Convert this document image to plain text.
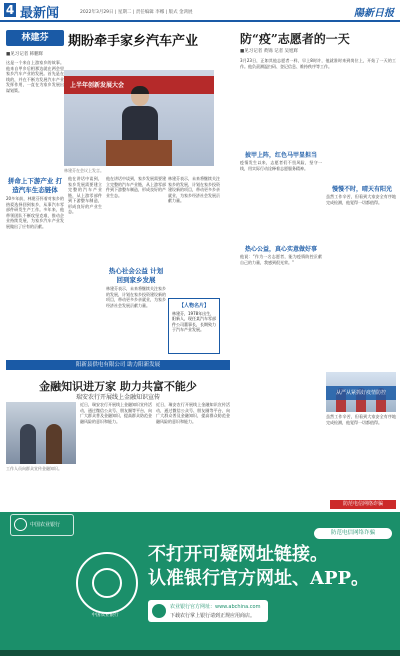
4 最新闻	2022年3月29日 | 星期二 | 责任编辑 李娜 | 版式 金鸿展	陽新日报
林建芬	期盼牵手家乡汽车产业
■见习记者 韩鹏辉
这是一个来自上游家乡的故事。他来自甲乡后相那边就在两会里家乡汽车产业的发展。首先是在线的，并在不断为发展汽车产业发挥作用，一直在为家乡发展出谋划策。
上半年创新发展大会
林建芬在会议上发言。
拼命上下游产业 打造汽车生态链体
20多年前，林建芬怀着对家乡的热爱选择回到家乡，从事汽车零部件研发生产工作。多年来，他带领团队不断攻坚克难，推动企业持续发展，为家乡汽车产业发展做出了应有的贡献。
他在讲话中谈到，家乡发展需要建立完整的汽车产业链，从上游零部件到下游整车制造，形成良好的产业生态。
他在讲话中谈到，家乡发展需要建立完整的汽车产业链，从上游零部件到下游整车制造，形成良好的产业生态。
热心社会公益 计划回到家乡发展
林建芬表示，未来将继续关注家乡的发展，计划在家乡投资建设新的项目，带动更多乡亲就业，为家乡经济社会发展贡献力量。
林建芬表示，未来将继续关注家乡的发展，计划在家乡投资建设新的项目，带动更多乡亲就业，为家乡经济社会发展贡献力量。
【人物名片】
林建芬，1978年出生，阳新人，现任某汽车零部件公司董事长，长期致力于汽车产业发展。
阳新县供电有限公司 助力阳新发展
金融知识进万家 助力共富不能少
瑞安农行开展线上金融知识宣传
工作人员向群众宣传金融知识。
近日，瑞安农行开展线上金融知识宣传活动，通过微信公众号、朋友圈等平台，向广大群众普及金融知识，提高群众防范金融风险的意识和能力。
近日，瑞安农行开展线上金融知识宣传活动，通过微信公众号、朋友圈等平台，向广大群众普及金融知识，提高群众防范金融风险的意识和能力。
防“疫”志愿者的一天
■见习记者 黄锦 记者 吴旭辉
3月23日，正如其他志愿者一样，早上8时许，他就准时来到岗位上，开始了一天的工作。他负责测温扫码、登记信息、维持秩序等工作。
披甲上阵，红色马甲显担当
疫情发生以来，志愿者们不畏风险，坚守一线，用实际行动诠释着志愿服务精神。
热心公益，真心实意做好事
他说：“作为一名志愿者，能为疫情防控贡献自己的力量，我感到很光荣。”
慢慢不时，晴天有阳光
虽然工作辛苦，但看到大家安全有序地完成检测，他觉得一切都值得。
从严从紧抓好疫情防控
虽然工作辛苦，但看到大家安全有序地完成检测，他觉得一切都值得。
防范电信网络诈骗
中国农业银行
防范电信网络诈骗
中国农业银行
不打开可疑网址链接。
认准银行官方网址、APP。
农业银行官方网址：www.abchina.com
下载农行掌上银行请到正规应用商店。
